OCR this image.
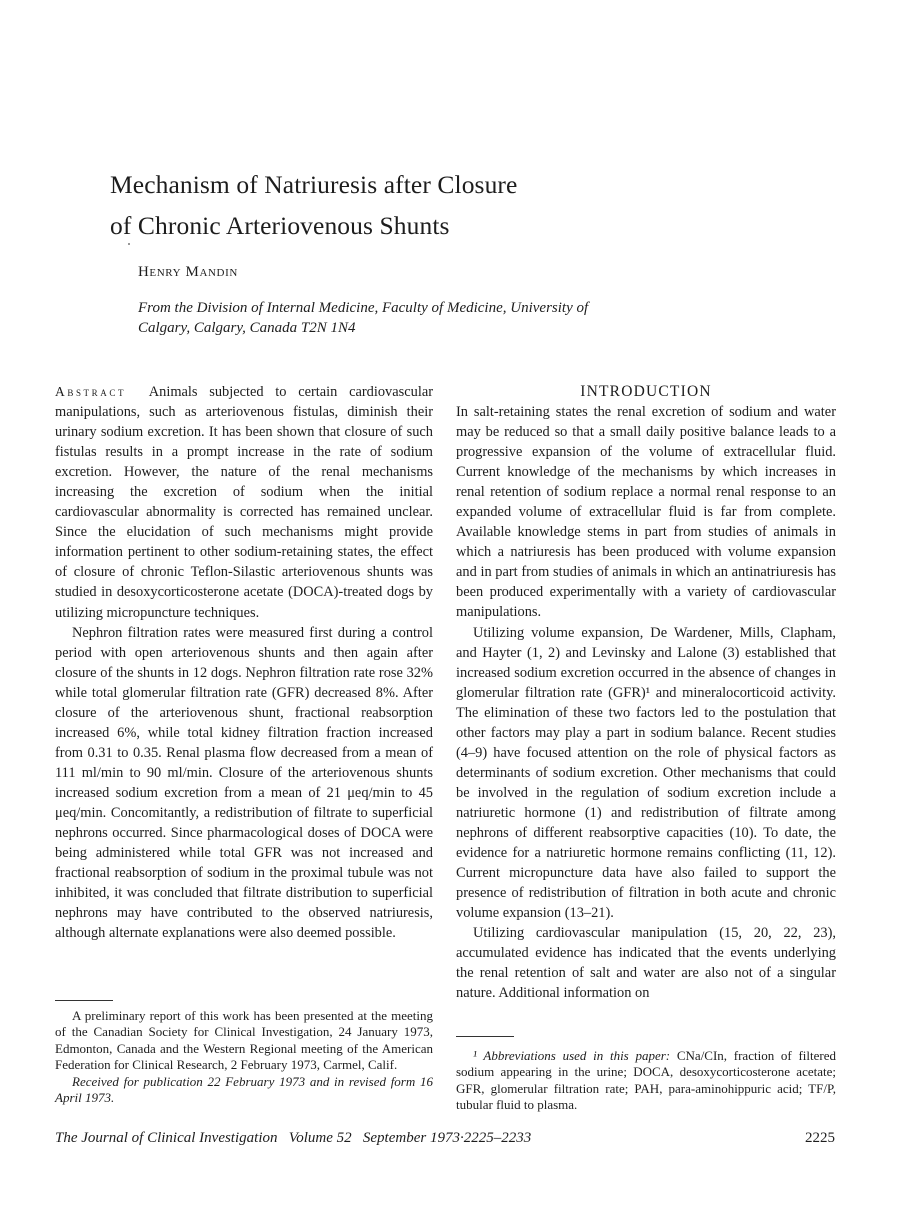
Mechanism of Natriuresis after Closure
of Chronic Arteriovenous Shunts
Henry Mandin
From the Division of Internal Medicine, Faculty of Medicine, University of
Calgary, Calgary, Canada T2N 1N4

Abstract Animals subjected to certain cardiovascular manipulations, such as arteriovenous fistulas, diminish their urinary sodium excretion. It has been shown that closure of such fistulas results in a prompt increase in the rate of sodium excretion. However, the nature of the renal mechanisms increasing the excretion of sodium when the initial cardiovascular abnormality is corrected has remained unclear. Since the elucidation of such mechanisms might provide information pertinent to other sodium-retaining states, the effect of closure of chronic Teflon-Silastic arteriovenous shunts was studied in desoxycorticosterone acetate (DOCA)-treated dogs by utilizing micropuncture techniques.

Nephron filtration rates were measured first during a control period with open arteriovenous shunts and then again after closure of the shunts in 12 dogs. Nephron filtration rate rose 32% while total glomerular filtration rate (GFR) decreased 8%. After closure of the arteriovenous shunt, fractional reabsorption increased 6%, while total kidney filtration fraction increased from 0.31 to 0.35. Renal plasma flow decreased from a mean of 111 ml/min to 90 ml/min. Closure of the arteriovenous shunts increased sodium excretion from a mean of 21 μeq/min to 45 μeq/min. Concomitantly, a redistribution of filtrate to superficial nephrons occurred. Since pharmacological doses of DOCA were being administered while total GFR was not increased and fractional reabsorption of sodium in the proximal tubule was not inhibited, it was concluded that filtrate distribution to superficial nephrons may have contributed to the observed natriuresis, although alternate explanations were also deemed possible.

A preliminary report of this work has been presented at the meeting of the Canadian Society for Clinical Investigation, 24 January 1973, Edmonton, Canada and the Western Regional meeting of the American Federation for Clinical Research, 2 February 1973, Carmel, Calif.

Received for publication 22 February 1973 and in revised form 16 April 1973.

INTRODUCTION

In salt-retaining states the renal excretion of sodium and water may be reduced so that a small daily positive balance leads to a progressive expansion of the volume of extracellular fluid. Current knowledge of the mechanisms by which increases in renal retention of sodium replace a normal renal response to an expanded volume of extracellular fluid is far from complete. Available knowledge stems in part from studies of animals in which a natriuresis has been produced with volume expansion and in part from studies of animals in which an antinatriuresis has been produced experimentally with a variety of cardiovascular manipulations.

Utilizing volume expansion, De Wardener, Mills, Clapham, and Hayter (1, 2) and Levinsky and Lalone (3) established that increased sodium excretion occurred in the absence of changes in glomerular filtration rate (GFR)¹ and mineralocorticoid activity. The elimination of these two factors led to the postulation that other factors may play a part in sodium balance. Recent studies (4–9) have focused attention on the role of physical factors as determinants of sodium excretion. Other mechanisms that could be involved in the regulation of sodium excretion include a natriuretic hormone (1) and redistribution of filtrate among nephrons of different reabsorptive capacities (10). To date, the evidence for a natriuretic hormone remains conflicting (11, 12). Current micropuncture data have also failed to support the presence of redistribution of filtration in both acute and chronic volume expansion (13–21).

Utilizing cardiovascular manipulation (15, 20, 22, 23), accumulated evidence has indicated that the events underlying the renal retention of salt and water are also not of a singular nature. Additional information on

¹ Abbreviations used in this paper: CNa/CIn, fraction of filtered sodium appearing in the urine; DOCA, desoxycorticosterone acetate; GFR, glomerular filtration rate; PAH, para-aminohippuric acid; TF/P, tubular fluid to plasma.

The Journal of Clinical Investigation   Volume 52   September 1973·2225–2233	2225
